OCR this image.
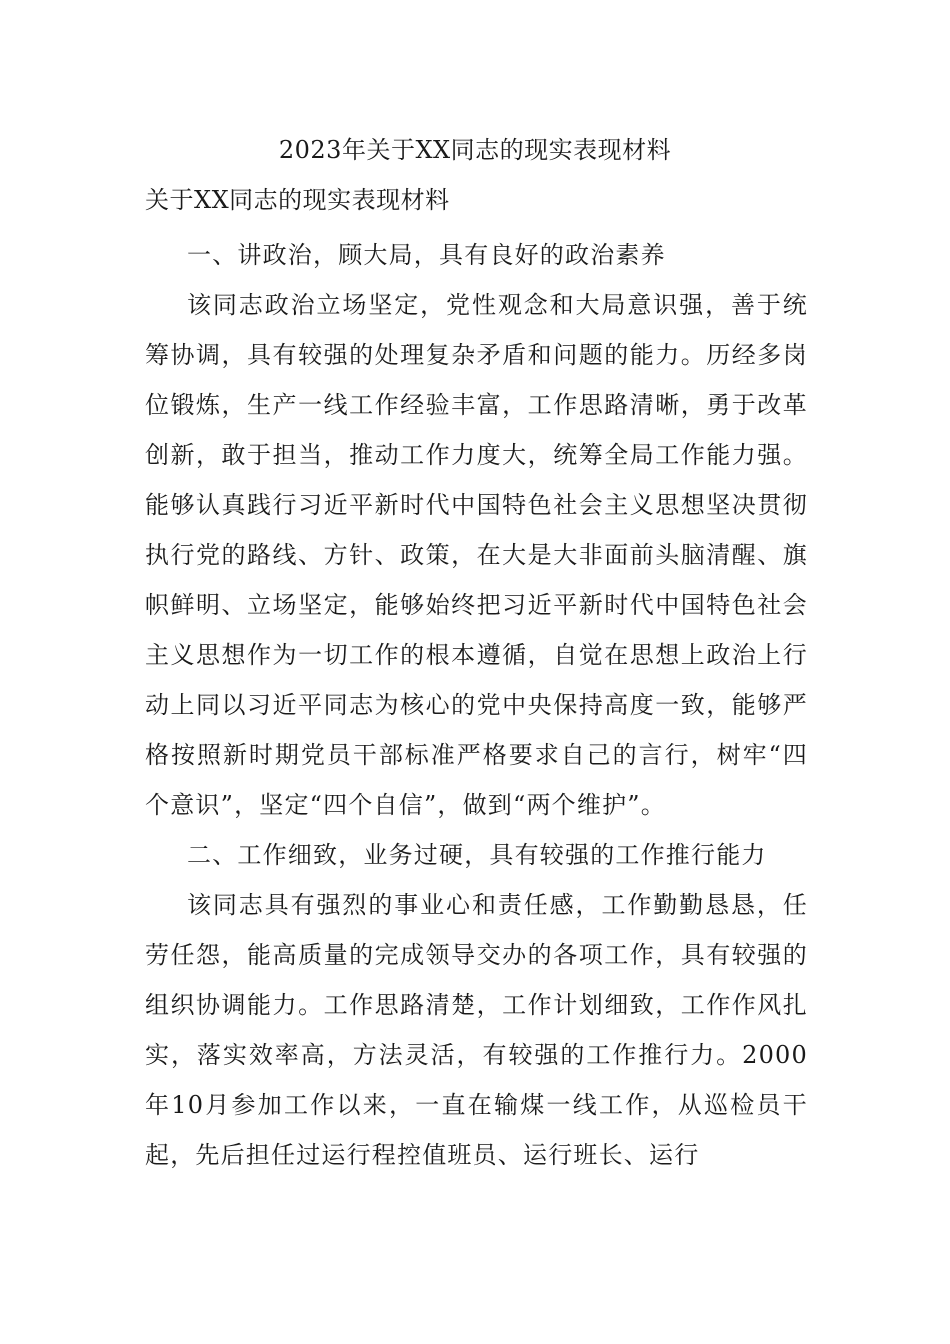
2023年关于XX同志的现实表现材料
关于XX同志的现实表现材料

一、讲政治，顾大局，具有良好的政治素养

该同志政治立场坚定，党性观念和大局意识强，善于统筹协调，具有较强的处理复杂矛盾和问题的能力。历经多岗位锻炼，生产一线工作经验丰富，工作思路清晰，勇于改革创新，敢于担当，推动工作力度大，统筹全局工作能力强。能够认真践行习近平新时代中国特色社会主义思想坚决贯彻执行党的路线、方针、政策，在大是大非面前头脑清醒、旗帜鲜明、立场坚定，能够始终把习近平新时代中国特色社会主义思想作为一切工作的根本遵循，自觉在思想上政治上行动上同以习近平同志为核心的党中央保持高度一致，能够严格按照新时期党员干部标准严格要求自己的言行，树牢“四个意识”，坚定“四个自信”，做到“两个维护”。

二、工作细致，业务过硬，具有较强的工作推行能力

该同志具有强烈的事业心和责任感，工作勤勤恳恳，任劳任怨，能高质量的完成领导交办的各项工作，具有较强的组织协调能力。工作思路清楚，工作计划细致，工作作风扎实，落实效率高，方法灵活，有较强的工作推行力。2000年10月参加工作以来，一直在输煤一线工作，从巡检员干起，先后担任过运行程控值班员、运行班长、运行
